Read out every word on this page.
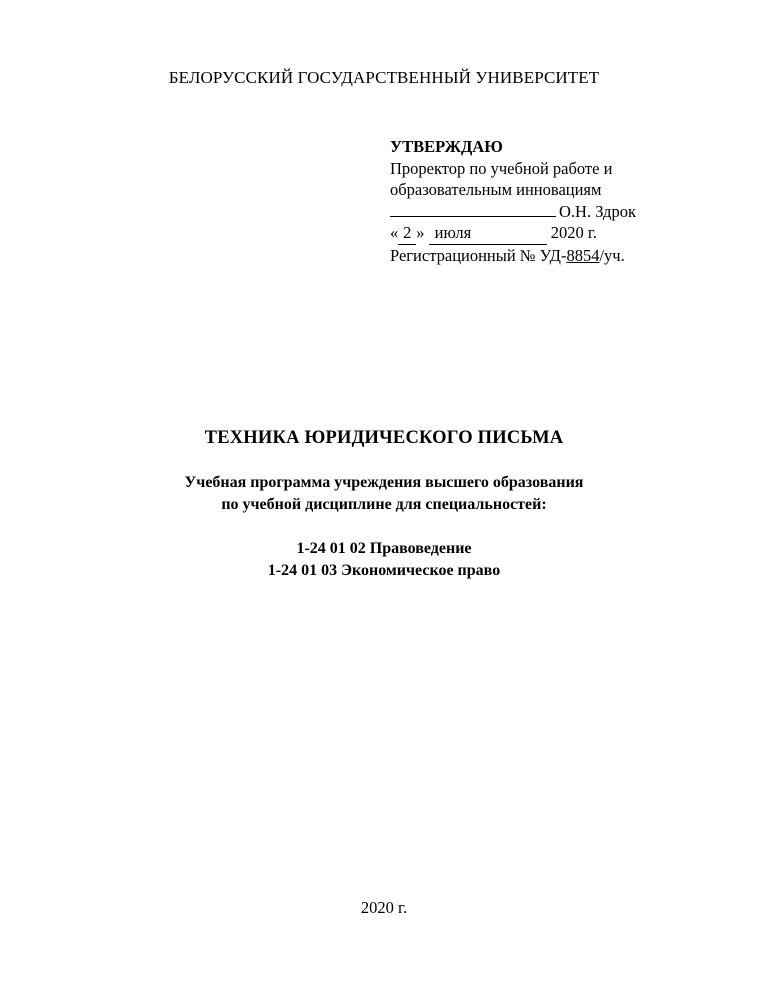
БЕЛОРУССКИЙ ГОСУДАРСТВЕННЫЙ УНИВЕРСИТЕТ
УТВЕРЖДАЮ
Проректор по учебной работе и
образовательным инновациям
О.Н. Здрок
« 2 » июля	2020 г.
Регистрационный № УД-8854/уч.
ТЕХНИКА ЮРИДИЧЕСКОГО ПИСЬМА
Учебная программа учреждения высшего образования
по учебной дисциплине для специальностей:
1-24 01 02 Правоведение
1-24 01 03 Экономическое право
2020 г.
